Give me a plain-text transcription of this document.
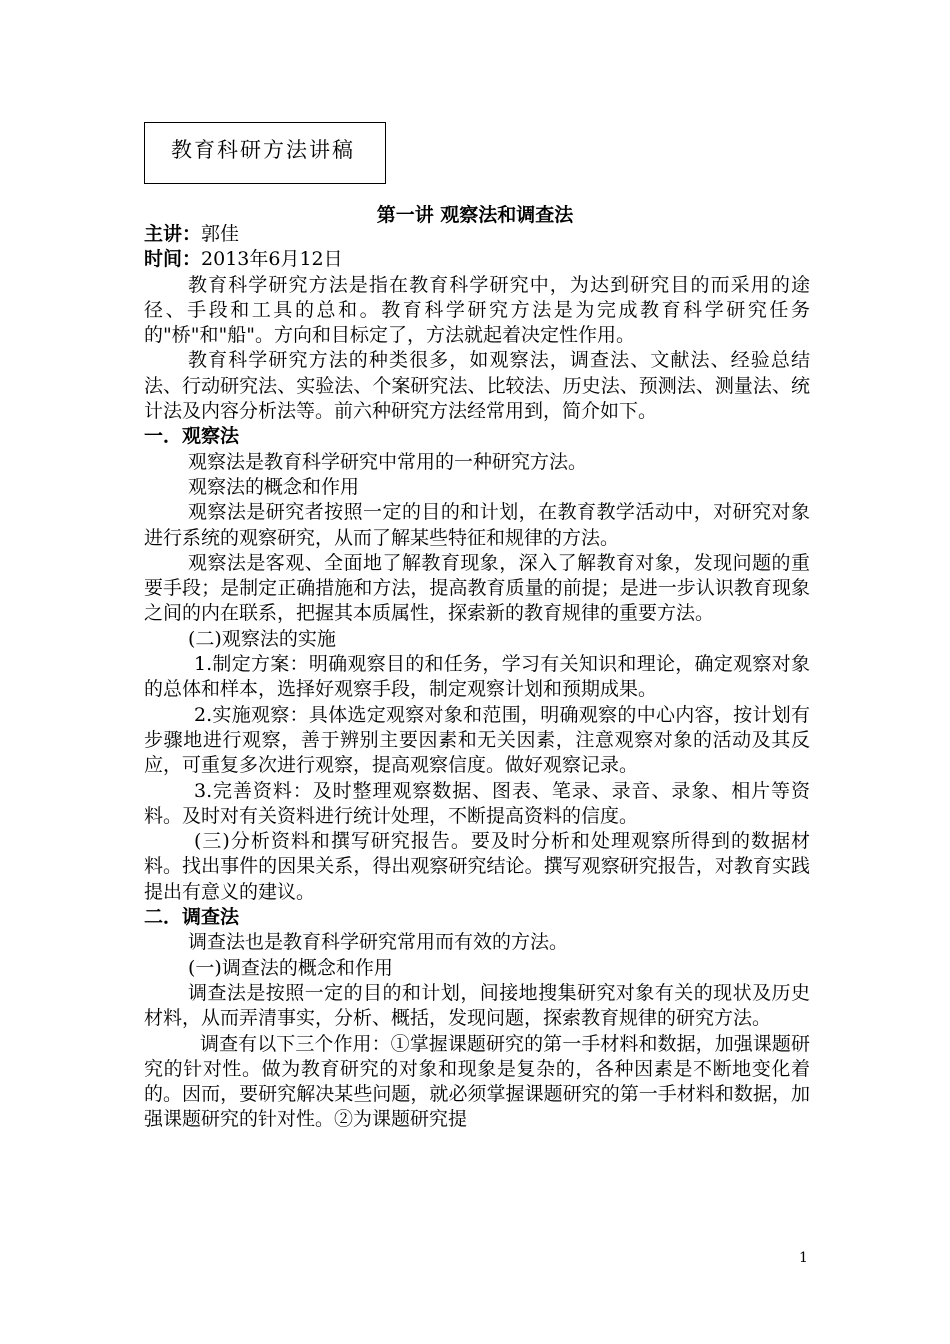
教育科研方法讲稿
第一讲 观察法和调查法

主讲：郭佳

时间：2013年6月12日

教育科学研究方法是指在教育科学研究中，为达到研究目的而采用的途径、手段和工具的总和。教育科学研究方法是为完成教育科学研究任务的"桥"和"船"。方向和目标定了，方法就起着决定性作用。

教育科学研究方法的种类很多，如观察法，调查法、文献法、经验总结法、行动研究法、实验法、个案研究法、比较法、历史法、预测法、测量法、统计法及内容分析法等。前六种研究方法经常用到，简介如下。

一．观察法

观察法是教育科学研究中常用的一种研究方法。

观察法的概念和作用

观察法是研究者按照一定的目的和计划，在教育教学活动中，对研究对象进行系统的观察研究，从而了解某些特征和规律的方法。

观察法是客观、全面地了解教育现象，深入了解教育对象，发现问题的重要手段；是制定正确措施和方法，提高教育质量的前提；是进一步认识教育现象之间的内在联系，把握其本质属性，探索新的教育规律的重要方法。

(二)观察法的实施

1.制定方案：明确观察目的和任务，学习有关知识和理论，确定观察对象的总体和样本，选择好观察手段，制定观察计划和预期成果。

2.实施观察：具体选定观察对象和范围，明确观察的中心内容，按计划有步骤地进行观察，善于辨别主要因素和无关因素，注意观察对象的活动及其反应，可重复多次进行观察，提高观察信度。做好观察记录。

3.完善资料：及时整理观察数据、图表、笔录、录音、录象、相片等资料。及时对有关资料进行统计处理，不断提高资料的信度。

(三)分析资料和撰写研究报告。要及时分析和处理观察所得到的数据材料。找出事件的因果关系，得出观察研究结论。撰写观察研究报告，对教育实践提出有意义的建议。

二．调查法

调查法也是教育科学研究常用而有效的方法。

(一)调查法的概念和作用

调查法是按照一定的目的和计划，间接地搜集研究对象有关的现状及历史材料，从而弄清事实，分析、概括，发现问题，探索教育规律的研究方法。

调查有以下三个作用：①掌握课题研究的第一手材料和数据，加强课题研究的针对性。做为教育研究的对象和现象是复杂的，各种因素是不断地变化着的。因而，要研究解决某些问题，就必须掌握课题研究的第一手材料和数据，加强课题研究的针对性。②为课题研究提

1
